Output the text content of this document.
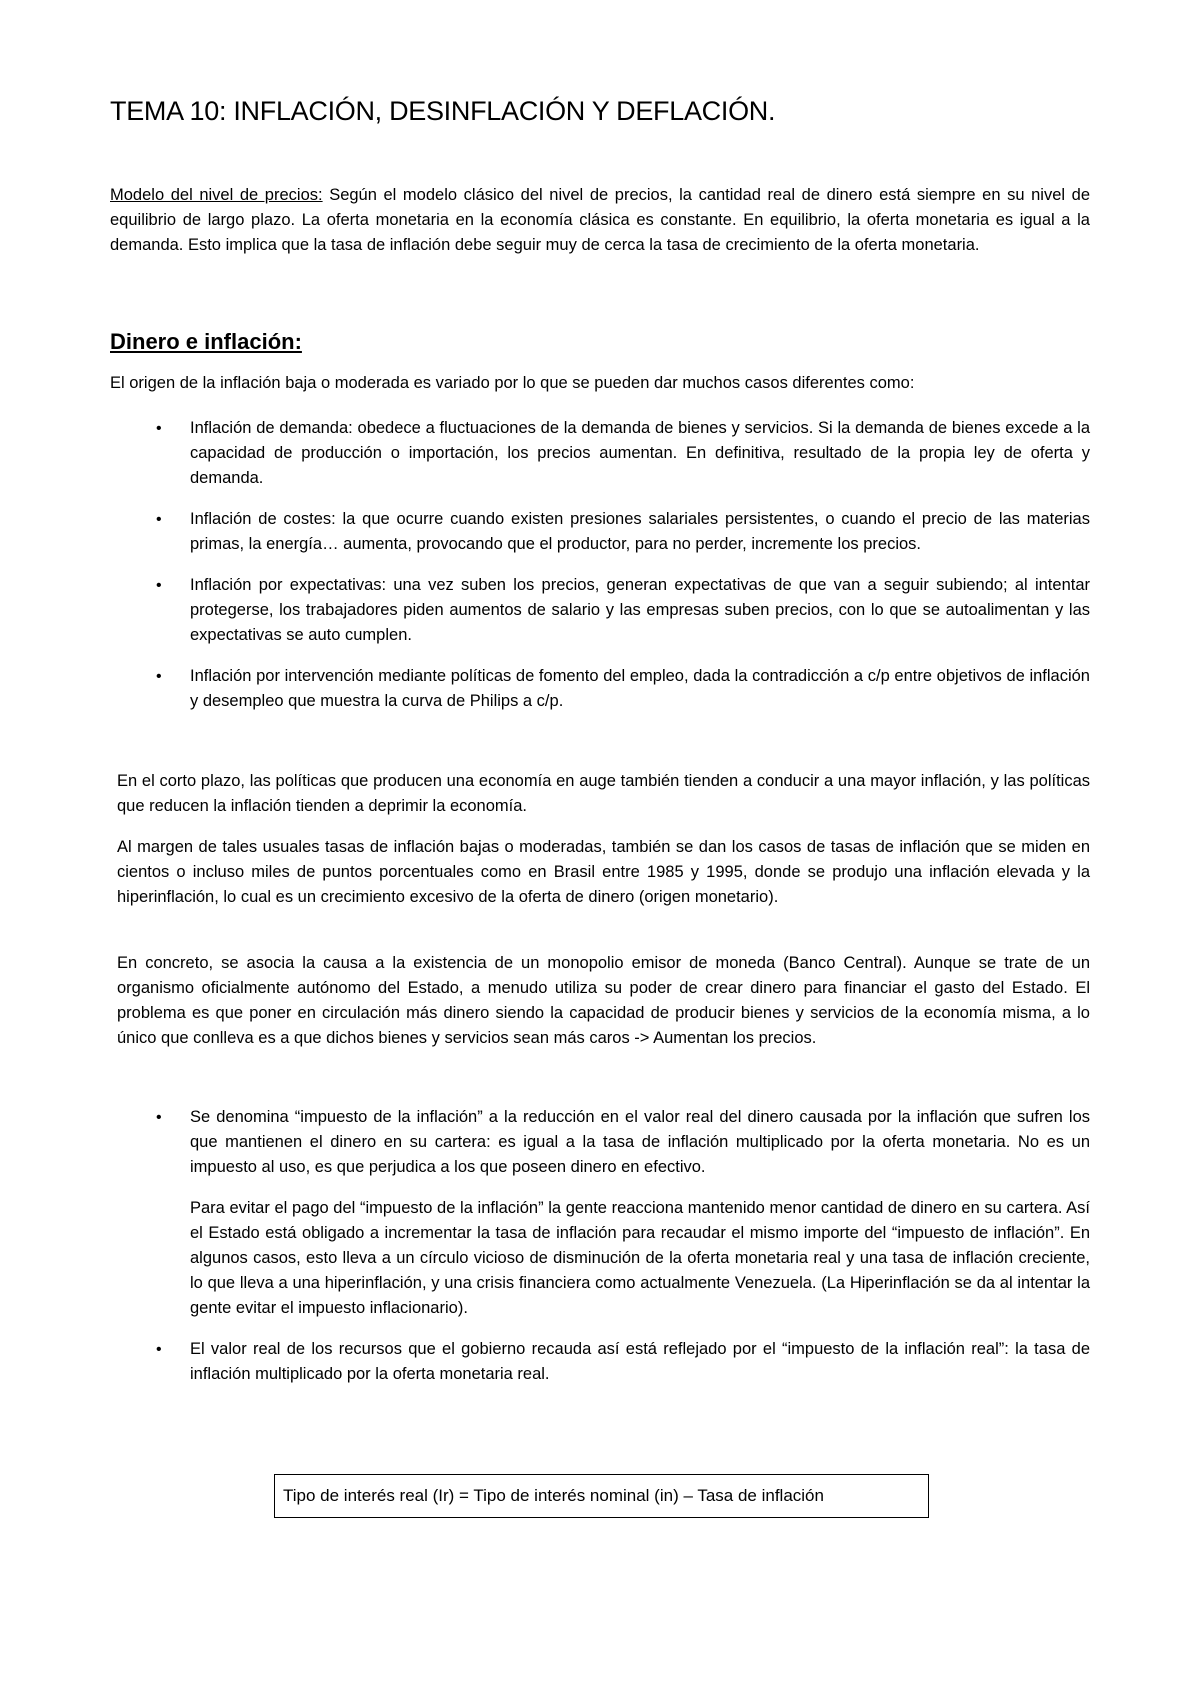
TEMA 10: INFLACIÓN, DESINFLACIÓN Y DEFLACIÓN.

Modelo del nivel de precios: Según el modelo clásico del nivel de precios, la cantidad real de dinero está siempre en su nivel de equilibrio de largo plazo. La oferta monetaria en la economía clásica es constante. En equilibrio, la oferta monetaria es igual a la demanda. Esto implica que la tasa de inflación debe seguir muy de cerca la tasa de crecimiento de la oferta monetaria.

Dinero e inflación:

El origen de la inflación baja o moderada es variado por lo que se pueden dar muchos casos diferentes como:

• Inflación de demanda: obedece a fluctuaciones de la demanda de bienes y servicios. Si la demanda de bienes excede a la capacidad de producción o importación, los precios aumentan. En definitiva, resultado de la propia ley de oferta y demanda.
• Inflación de costes: la que ocurre cuando existen presiones salariales persistentes, o cuando el precio de las materias primas, la energía… aumenta, provocando que el productor, para no perder, incremente los precios.
• Inflación por expectativas: una vez suben los precios, generan expectativas de que van a seguir subiendo; al intentar protegerse, los trabajadores piden aumentos de salario y las empresas suben precios, con lo que se autoalimentan y las expectativas se auto cumplen.
• Inflación por intervención mediante políticas de fomento del empleo, dada la contradicción a c/p entre objetivos de inflación y desempleo que muestra la curva de Philips a c/p.

En el corto plazo, las políticas que producen una economía en auge también tienden a conducir a una mayor inflación, y las políticas que reducen la inflación tienden a deprimir la economía.

Al margen de tales usuales tasas de inflación bajas o moderadas, también se dan los casos de tasas de inflación que se miden en cientos o incluso miles de puntos porcentuales como en Brasil entre 1985 y 1995, donde se produjo una inflación elevada y la hiperinflación, lo cual es un crecimiento excesivo de la oferta de dinero (origen monetario).

En concreto, se asocia la causa a la existencia de un monopolio emisor de moneda (Banco Central). Aunque se trate de un organismo oficialmente autónomo del Estado, a menudo utiliza su poder de crear dinero para financiar el gasto del Estado. El problema es que poner en circulación más dinero siendo la capacidad de producir bienes y servicios de la economía misma, a lo único que conlleva es a que dichos bienes y servicios sean más caros -> Aumentan los precios.

• Se denomina “impuesto de la inflación” a la reducción en el valor real del dinero causada por la inflación que sufren los que mantienen el dinero en su cartera: es igual a la tasa de inflación multiplicado por la oferta monetaria. No es un impuesto al uso, es que perjudica a los que poseen dinero en efectivo.
Para evitar el pago del “impuesto de la inflación” la gente reacciona mantenido menor cantidad de dinero en su cartera. Así el Estado está obligado a incrementar la tasa de inflación para recaudar el mismo importe del “impuesto de inflación”. En algunos casos, esto lleva a un círculo vicioso de disminución de la oferta monetaria real y una tasa de inflación creciente, lo que lleva a una hiperinflación, y una crisis financiera como actualmente Venezuela. (La Hiperinflación se da al intentar la gente evitar el impuesto inflacionario).
• El valor real de los recursos que el gobierno recauda así está reflejado por el “impuesto de la inflación real”: la tasa de inflación multiplicado por la oferta monetaria real.
Tipo de interés real (Ir) = Tipo de interés nominal (in) – Tasa de inflación
